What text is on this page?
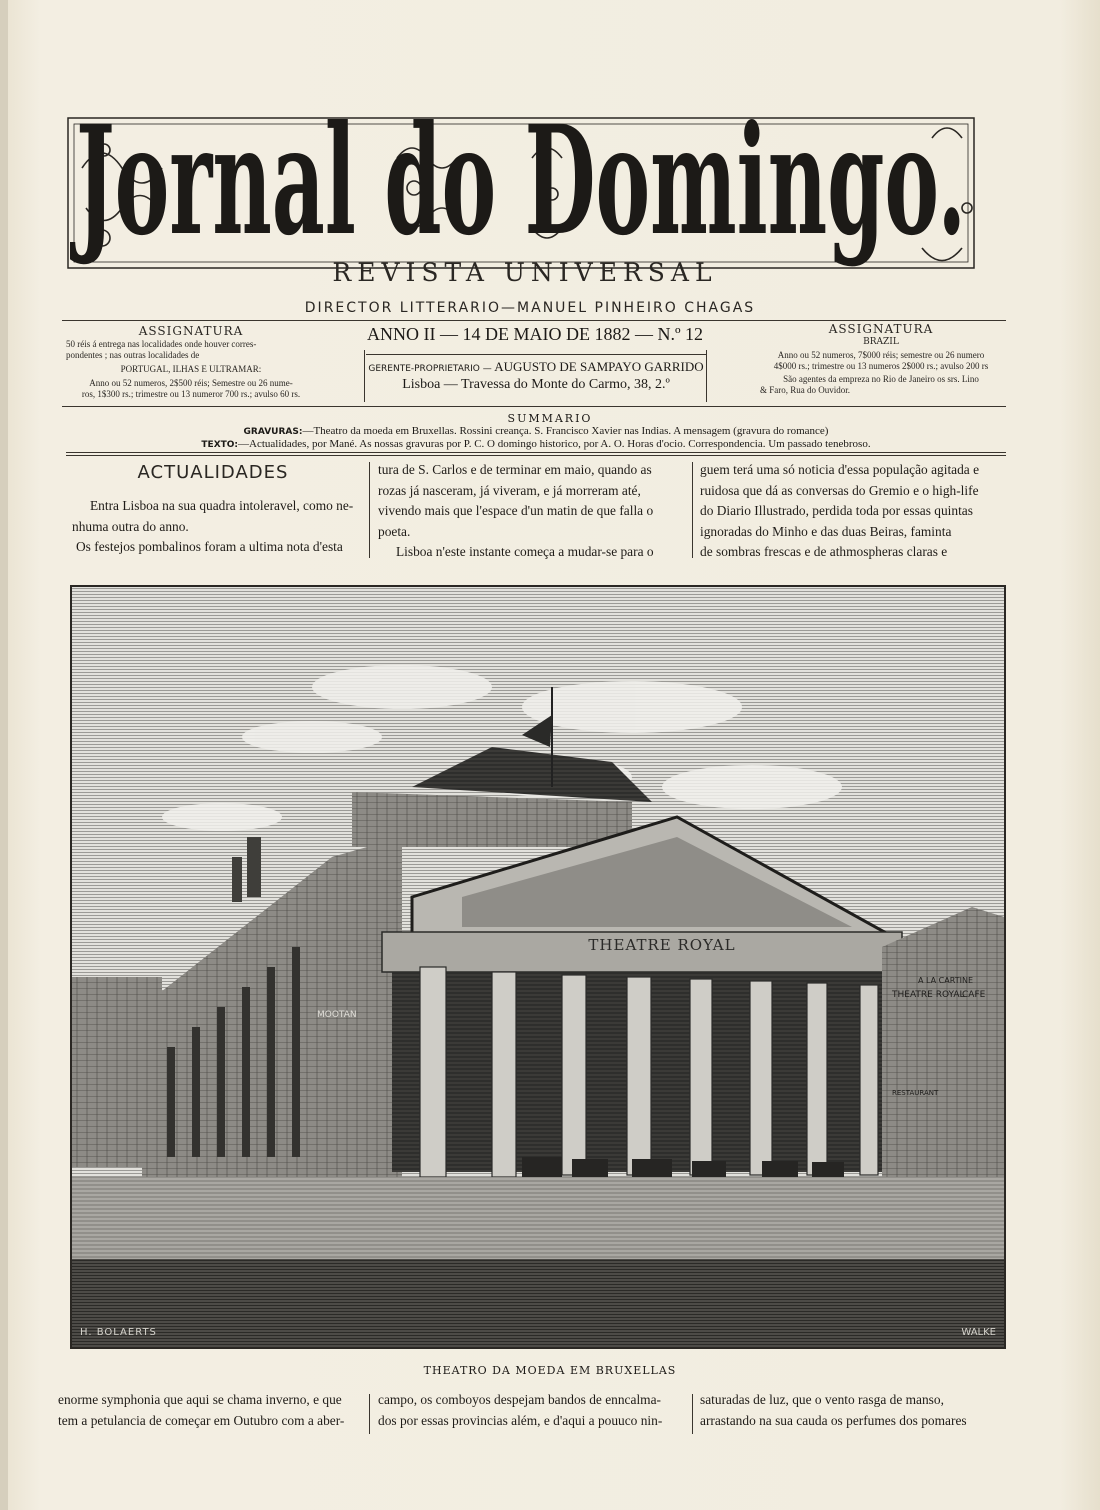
Jornal do Domingo.
REVISTA UNIVERSAL
DIRECTOR LITTERARIO—MANUEL PINHEIRO CHAGAS
ASSIGNATURA
50 réis á entrega nas localidades onde houver corres-
pondentes ; nas outras localidades de
PORTUGAL, ILHAS E ULTRAMAR:
Anno ou 52 numeros, 2$500 réis; Semestre ou 26 nume-
ros, 1$300 rs.; trimestre ou 13 numeror 700 rs.; avulso 60 rs.
ANNO II — 14 DE MAIO DE 1882 — N.º 12
GERENTE-PROPRIETARIO — AUGUSTO DE SAMPAYO GARRIDO
Lisboa — Travessa do Monte do Carmo, 38, 2.º
ASSIGNATURA
BRAZIL
Anno ou 52 numeros, 7$000 réis; semestre ou 26 numero
4$000 rs.; trimestre ou 13 numeros 2$000 rs.; avulso 200 rs
São agentes da empreza no Rio de Janeiro os srs. Lino
& Faro, Rua do Ouvidor.
SUMMARIO
GRAVURAS:—Theatro da moeda em Bruxellas. Rossini creança. S. Francisco Xavier nas Indias. A mensagem (gravura do romance)
TEXTO:—Actualidades, por Mané. As nossas gravuras por P. C. O domingo historico, por A. O. Horas d'ocio. Correspondencia. Um passado tenebroso.
ACTUALIDADES

Entra Lisboa na sua quadra intoleravel, como ne-

nhuma outra do anno.

Os festejos pombalinos foram a ultima nota d'esta

tura de S. Carlos e de terminar em maio, quando as

rozas já nasceram, já viveram, e já morreram até,

vivendo mais que l'espace d'un matin de que falla o

poeta.

Lisboa n'este instante começa a mudar-se para o

guem terá uma só noticia d'essa população agitada e

ruidosa que dá as conversas do Gremio e o high-life

do Diario Illustrado, perdida toda por essas quintas

ignoradas do Minho e das duas Beiras, faminta

de sombras frescas e de athmospheras claras e

THEATRE ROYAL
A LA CARTINE
THEATRE ROYAL
CAFE
RESTAURANT
MOOTAN
H. BOLAERTS	WALKE
THEATRO DA MOEDA EM BRUXELLAS

enorme symphonia que aqui se chama inverno, e que

tem a petulancia de começar em Outubro com a aber-

campo, os comboyos despejam bandos de enncalma-

dos por essas provincias além, e d'aqui a pouuco nin-

saturadas de luz, que o vento rasga de manso,

arrastando na sua cauda os perfumes dos pomares
